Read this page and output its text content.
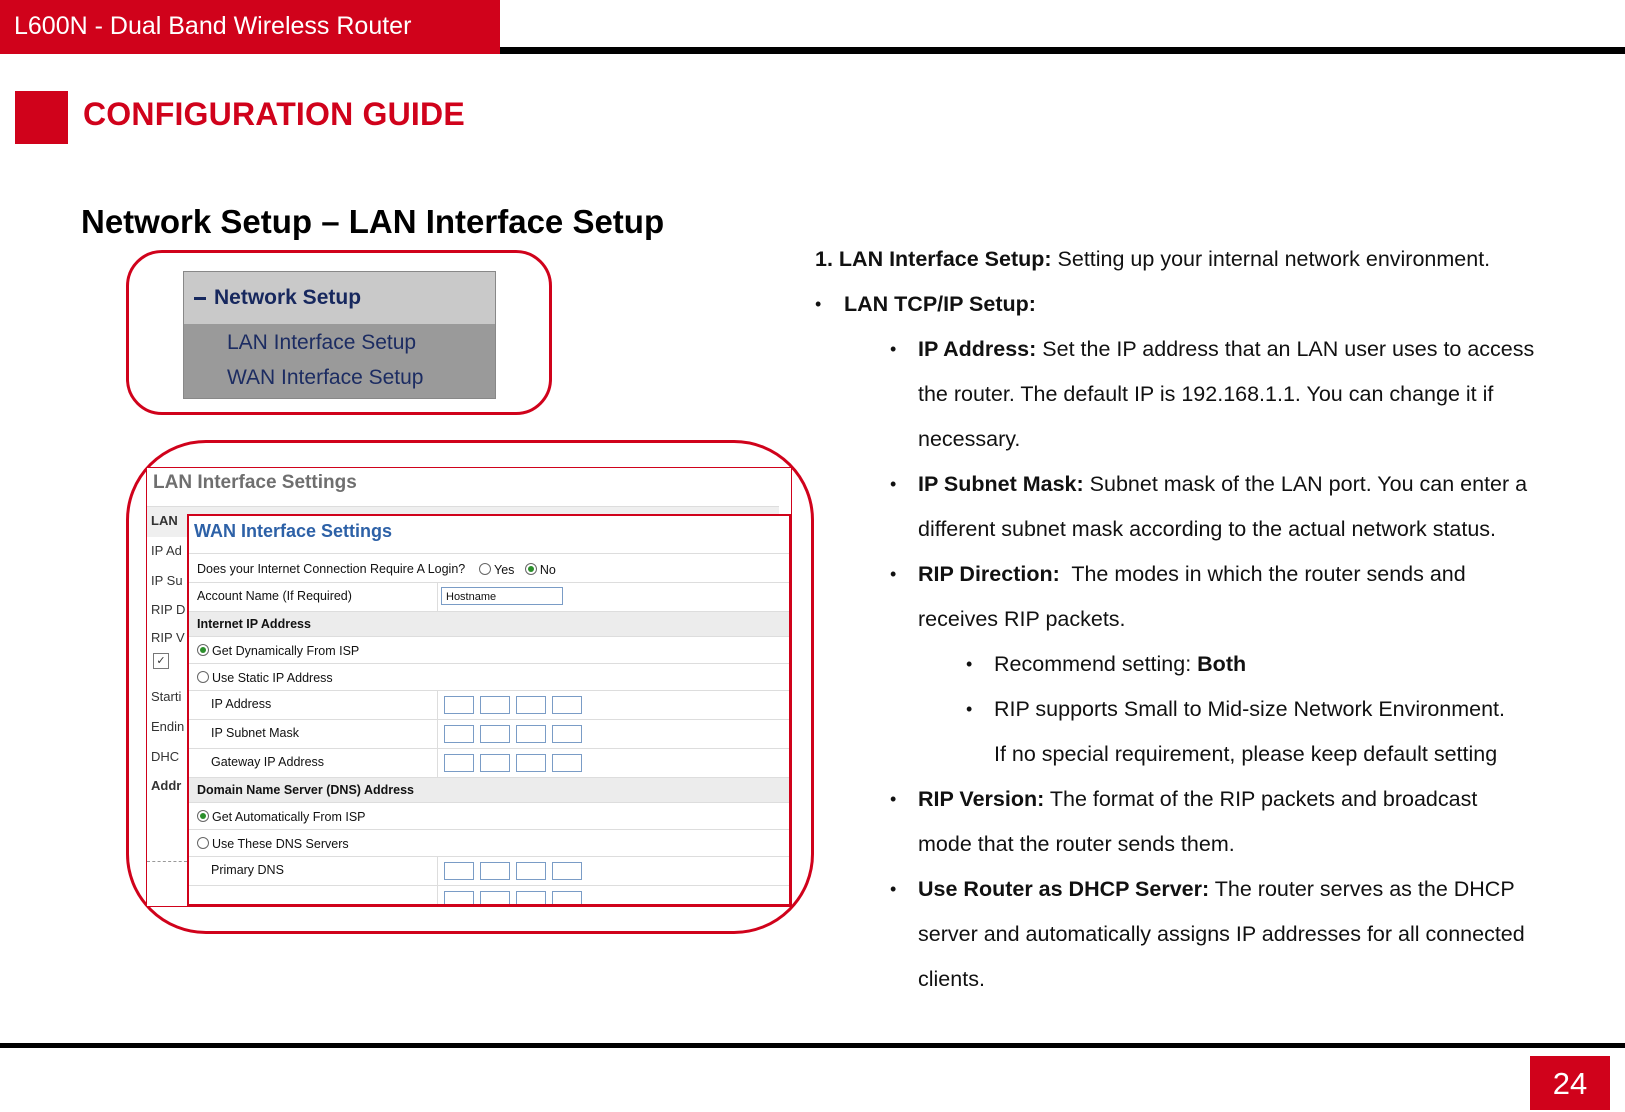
L600N - Dual Band Wireless Router
CONFIGURATION GUIDE
Network Setup – LAN Interface Setup
Network Setup
LAN Interface Setup
WAN Interface Setup
LAN Interface Settings
LAN
IP Ad
IP Su
RIP D
RIP V
✓
Starti
Endin
DHC
Addr
WAN Interface Settings
Does your Internet Connection Require A Login?	Yes No
Account Name (If Required)	Hostname
Internet IP Address
Get Dynamically From ISP
Use Static IP Address
IP Address
IP Subnet Mask
Gateway IP Address
Domain Name Server (DNS) Address
Get Automatically From ISP
Use These DNS Servers
Primary DNS
1. LAN Interface Setup: Setting up your internal network environment.
• LAN TCP/IP Setup:
• IP Address: Set the IP address that an LAN user uses to access
the router. The default IP is 192.168.1.1. You can change it if
necessary.
• IP Subnet Mask: Subnet mask of the LAN port. You can enter a
different subnet mask according to the actual network status.
• RIP Direction:  The modes in which the router sends and
receives RIP packets.
• Recommend setting: Both
• RIP supports Small to Mid-size Network Environment.
If no special requirement, please keep default setting
• RIP Version: The format of the RIP packets and broadcast
mode that the router sends them.
• Use Router as DHCP Server: The router serves as the DHCP
server and automatically assigns IP addresses for all connected
clients.
24
